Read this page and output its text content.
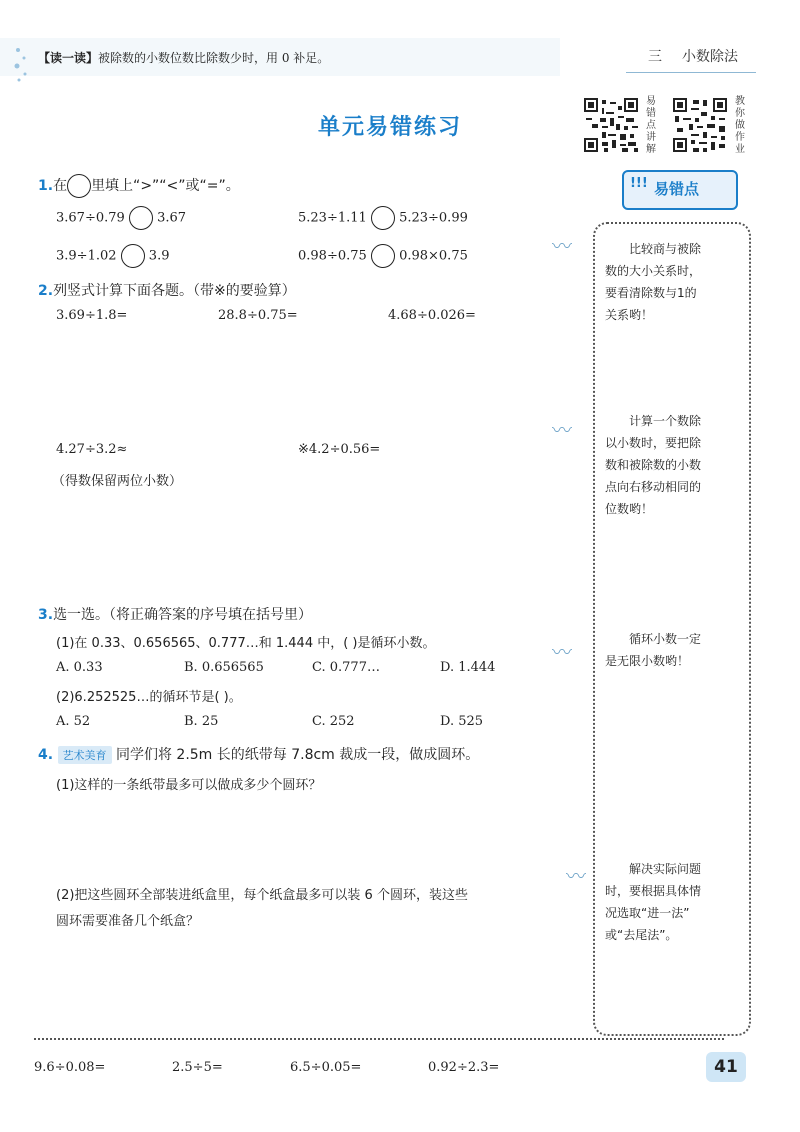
【读一读】被除数的小数位数比除数少时，用 0 补足。	三 小数除法
单元易错练习
易
错
点
讲
解
教
你
做
作
业
!!! 易错点
〰	比较商与被除
数的大小关系时，
要看清除数与1的
关系哟！
〰	计算一个数除
以小数时，要把除
数和被除数的小数
点向右移动相同的
位数哟！
〰
循环小数一定
是无限小数哟！
〰	解决实际问题
时，要根据具体情
况选取“进一法”
或“去尾法”。
1.在 里填上“>”“<”或“=”。
3.67÷0.79 3.67	5.23÷1.11 5.23÷0.99
3.9÷1.02 3.9	0.98÷0.75 0.98×0.75
2.列竖式计算下面各题。（带※的要验算）
3.69÷1.8=	28.8÷0.75=	4.68÷0.026=
4.27÷3.2≈	※4.2÷0.56=
（得数保留两位小数）
3.选一选。（将正确答案的序号填在括号里）
(1)在 0.33、0.656565、0.777…和 1.444 中，( )是循环小数。
A. 0.33	B. 0.656565	C. 0.777…	D. 1.444
(2)6.252525…的循环节是( )。
A. 52	B. 25	C. 252	D. 525
4. 艺术美育 同学们将 2.5m 长的纸带每 7.8cm 裁成一段，做成圆环。
(1)这样的一条纸带最多可以做成多少个圆环？
(2)把这些圆环全部装进纸盒里，每个纸盒最多可以装 6 个圆环，装这些
圆环需要准备几个纸盒？
9.6÷0.08=	2.5÷5=	6.5÷0.05=	0.92÷2.3=	41
